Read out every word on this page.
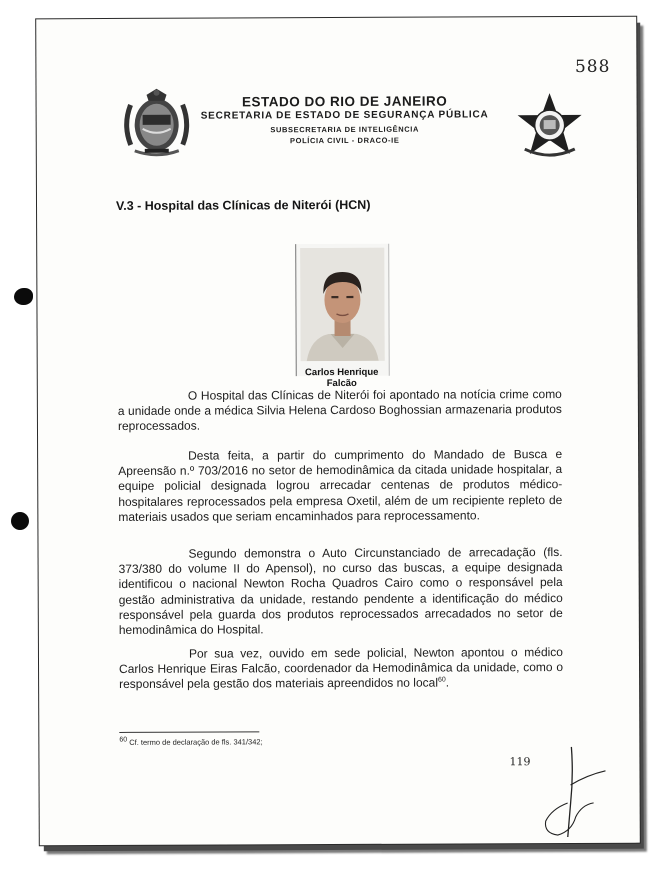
588
ESTADO DO RIO DE JANEIRO
SECRETARIA DE ESTADO DE SEGURANÇA PÚBLICA
SUBSECRETARIA DE INTELIGÊNCIA
POLÍCIA CIVIL - DRACO-IE
V.3 - Hospital das Clínicas de Niterói (HCN)
Carlos Henrique
Falcão

O Hospital das Clínicas de Niterói foi apontado na notícia crime como a unidade onde a médica Silvia Helena Cardoso Boghossian armazenaria produtos reprocessados.

Desta feita, a partir do cumprimento do Mandado de Busca e Apreensão n.º 703/2016 no setor de hemodinâmica da citada unidade hospitalar, a equipe policial designada logrou arrecadar centenas de produtos médico-hospitalares reprocessados pela empresa Oxetil, além de um recipiente repleto de materiais usados que seriam encaminhados para reprocessamento.

Segundo demonstra o Auto Circunstanciado de arrecadação (fls. 373/380 do volume II do Apensol), no curso das buscas, a equipe designada identificou o nacional Newton Rocha Quadros Cairo como o responsável pela gestão administrativa da unidade, restando pendente a identificação do médico responsável pela guarda dos produtos reprocessados arrecadados no setor de hemodinâmica do Hospital.

Por sua vez, ouvido em sede policial, Newton apontou o médico Carlos Henrique Eiras Falcão, coordenador da Hemodinâmica da unidade, como o responsável pela gestão dos materiais apreendidos no local$^{60}$.

$^{60}$ Cf. termo de declaração de fls. 341/342;
119
